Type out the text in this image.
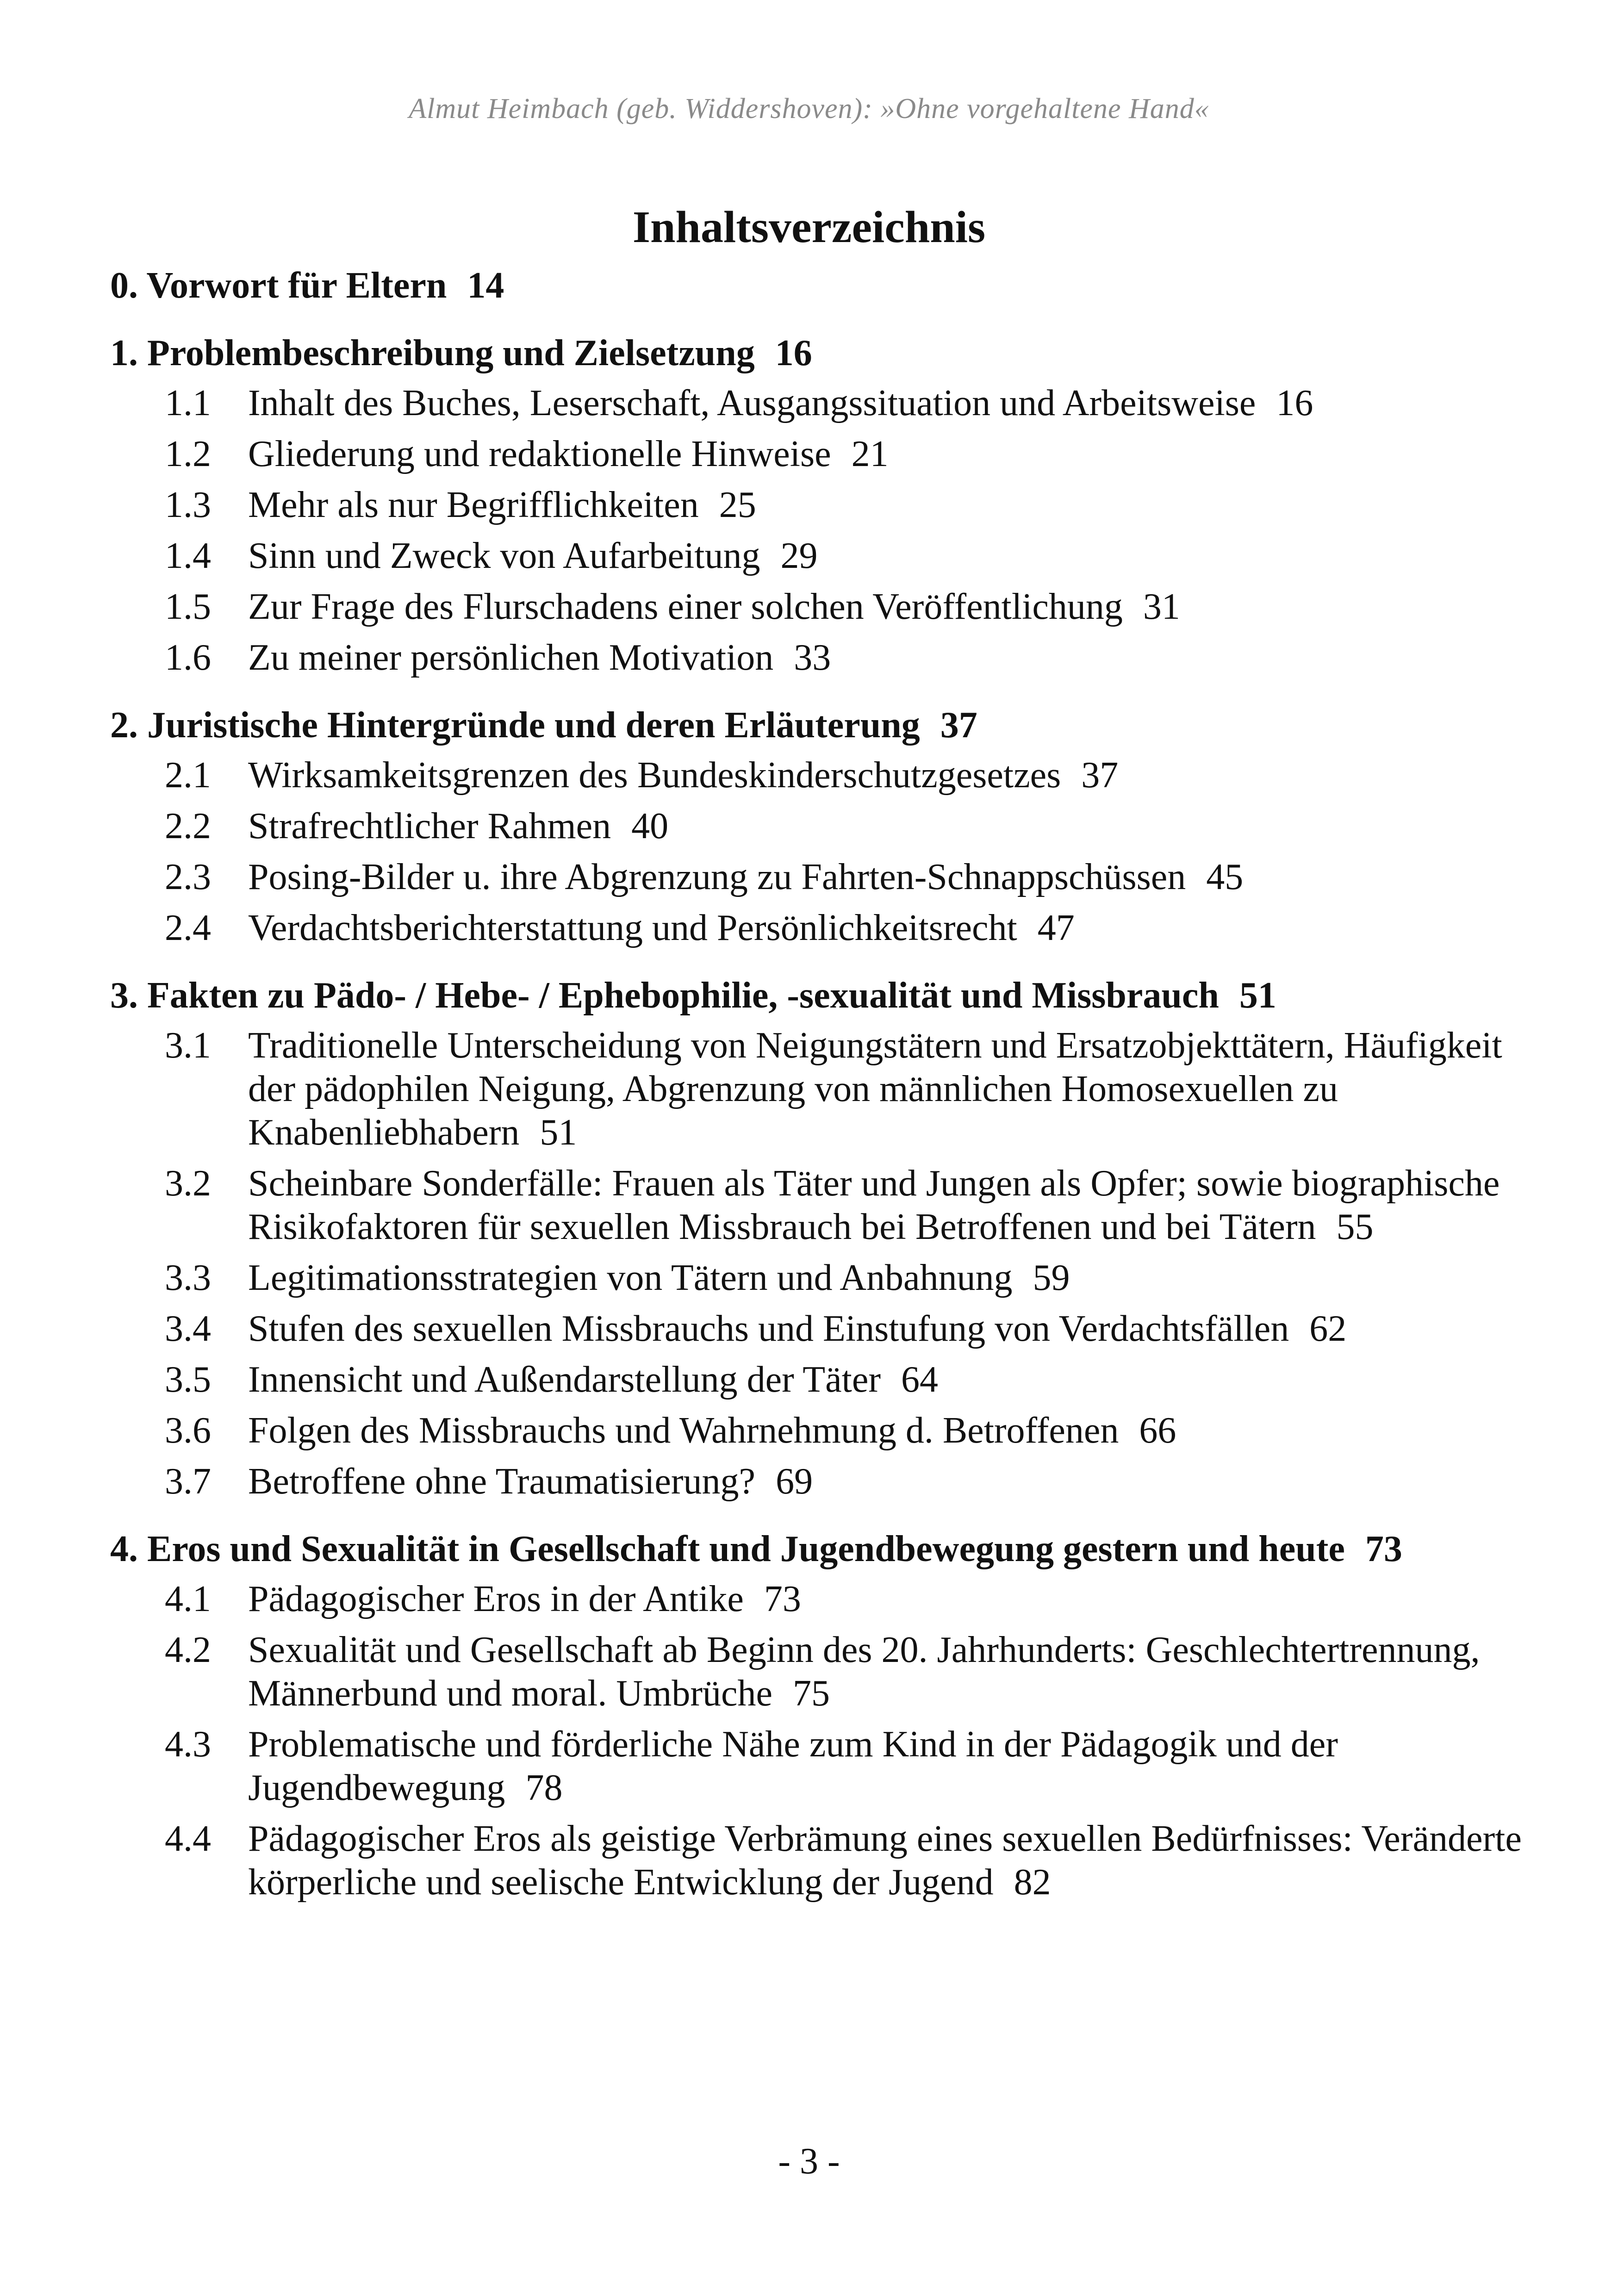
Almut Heimbach (geb. Widdershoven): »Ohne vorgehaltene Hand«
Inhaltsverzeichnis
0. Vorwort für Eltern 14
1. Problembeschreibung und Zielsetzung 16
1.1	Inhalt des Buches, Leserschaft, Ausgangssituation und Arbeitsweise 16
1.2	Gliederung und redaktionelle Hinweise 21
1.3	Mehr als nur Begrifflichkeiten 25
1.4	Sinn und Zweck von Aufarbeitung 29
1.5	Zur Frage des Flurschadens einer solchen Veröffentlichung 31
1.6	Zu meiner persönlichen Motivation 33
2. Juristische Hintergründe und deren Erläuterung 37
2.1	Wirksamkeitsgrenzen des Bundeskinderschutzgesetzes 37
2.2	Strafrechtlicher Rahmen 40
2.3	Posing-Bilder u. ihre Abgrenzung zu Fahrten-Schnappschüssen 45
2.4	Verdachtsberichterstattung und Persönlichkeitsrecht 47
3. Fakten zu Pädo- / Hebe- / Ephebophilie, -sexualität und Missbrauch 51
3.1	Traditionelle Unterscheidung von Neigungstätern und Ersatzobjekttätern, Häufigkeit der pädophilen Neigung, Abgrenzung von männlichen Homosexuellen zu Knabenliebhabern 51
3.2	Scheinbare Sonderfälle: Frauen als Täter und Jungen als Opfer; sowie biographische Risikofaktoren für sexuellen Missbrauch bei Betroffenen und bei Tätern 55
3.3	Legitimationsstrategien von Tätern und Anbahnung 59
3.4	Stufen des sexuellen Missbrauchs und Einstufung von Verdachtsfällen 62
3.5	Innensicht und Außendarstellung der Täter 64
3.6	Folgen des Missbrauchs und Wahrnehmung d. Betroffenen 66
3.7	Betroffene ohne Traumatisierung? 69
4. Eros und Sexualität in Gesellschaft und Jugendbewegung gestern und heute 73
4.1	Pädagogischer Eros in der Antike 73
4.2	Sexualität und Gesellschaft ab Beginn des 20. Jahrhunderts: Geschlechtertrennung, Männerbund und moral. Umbrüche 75
4.3	Problematische und förderliche Nähe zum Kind in der Pädagogik und der Jugendbewegung 78
4.4	Pädagogischer Eros als geistige Verbrämung eines sexuellen Bedürfnisses: Veränderte körperliche und seelische Entwicklung der Jugend 82
- 3 -
